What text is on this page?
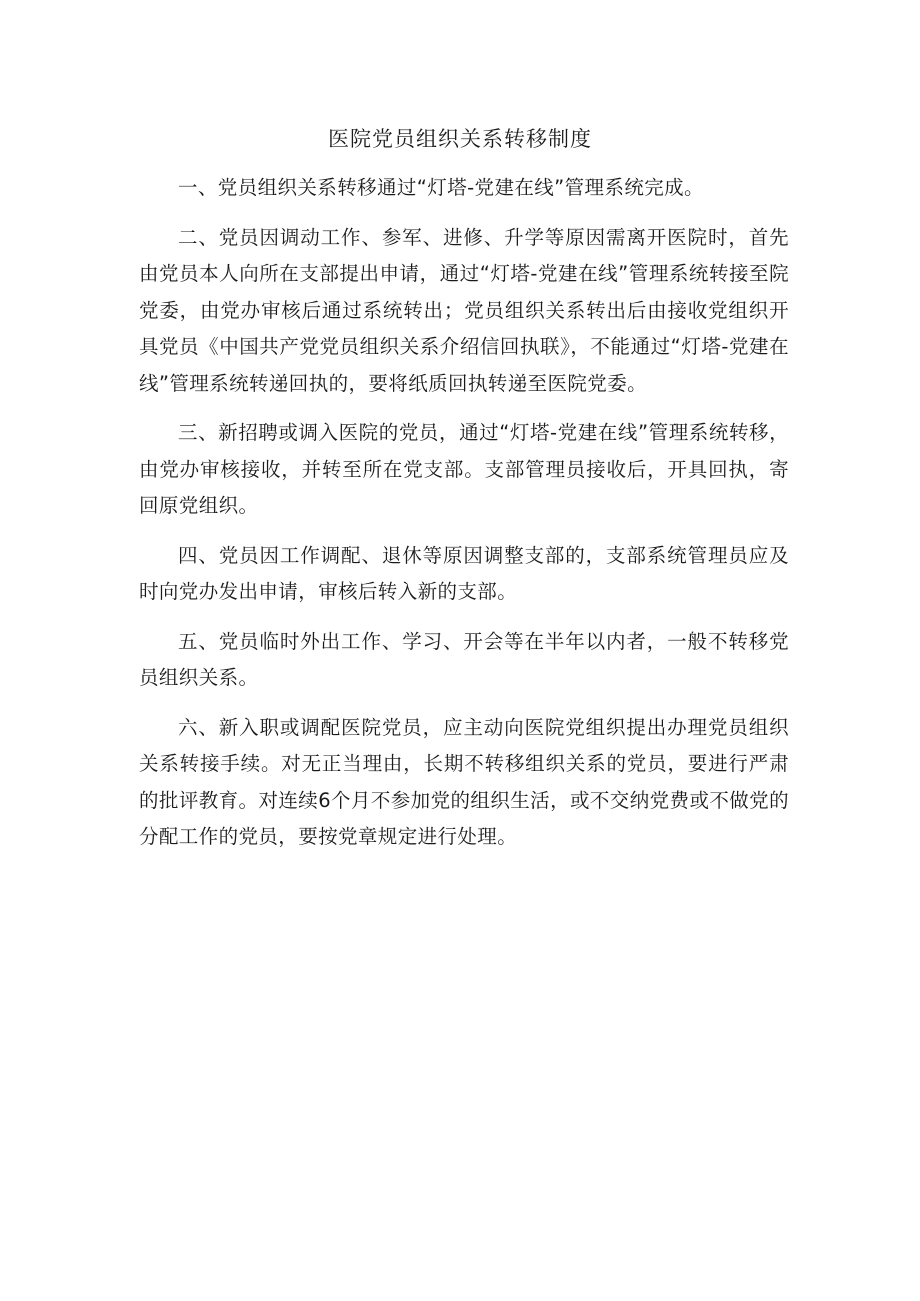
医院党员组织关系转移制度

一、党员组织关系转移通过“灯塔-党建在线”管理系统完成。

二、党员因调动工作、参军、进修、升学等原因需离开医院时，首先由党员本人向所在支部提出申请，通过“灯塔-党建在线”管理系统转接至院党委，由党办审核后通过系统转出；党员组织关系转出后由接收党组织开具党员《中国共产党党员组织关系介绍信回执联》，不能通过“灯塔-党建在线”管理系统转递回执的，要将纸质回执转递至医院党委。

三、新招聘或调入医院的党员，通过“灯塔-党建在线”管理系统转移，由党办审核接收，并转至所在党支部。支部管理员接收后，开具回执，寄回原党组织。

四、党员因工作调配、退休等原因调整支部的，支部系统管理员应及时向党办发出申请，审核后转入新的支部。

五、党员临时外出工作、学习、开会等在半年以内者，一般不转移党员组织关系。

六、新入职或调配医院党员，应主动向医院党组织提出办理党员组织关系转接手续。对无正当理由，长期不转移组织关系的党员，要进行严肃的批评教育。对连续6个月不参加党的组织生活，或不交纳党费或不做党的分配工作的党员，要按党章规定进行处理。
